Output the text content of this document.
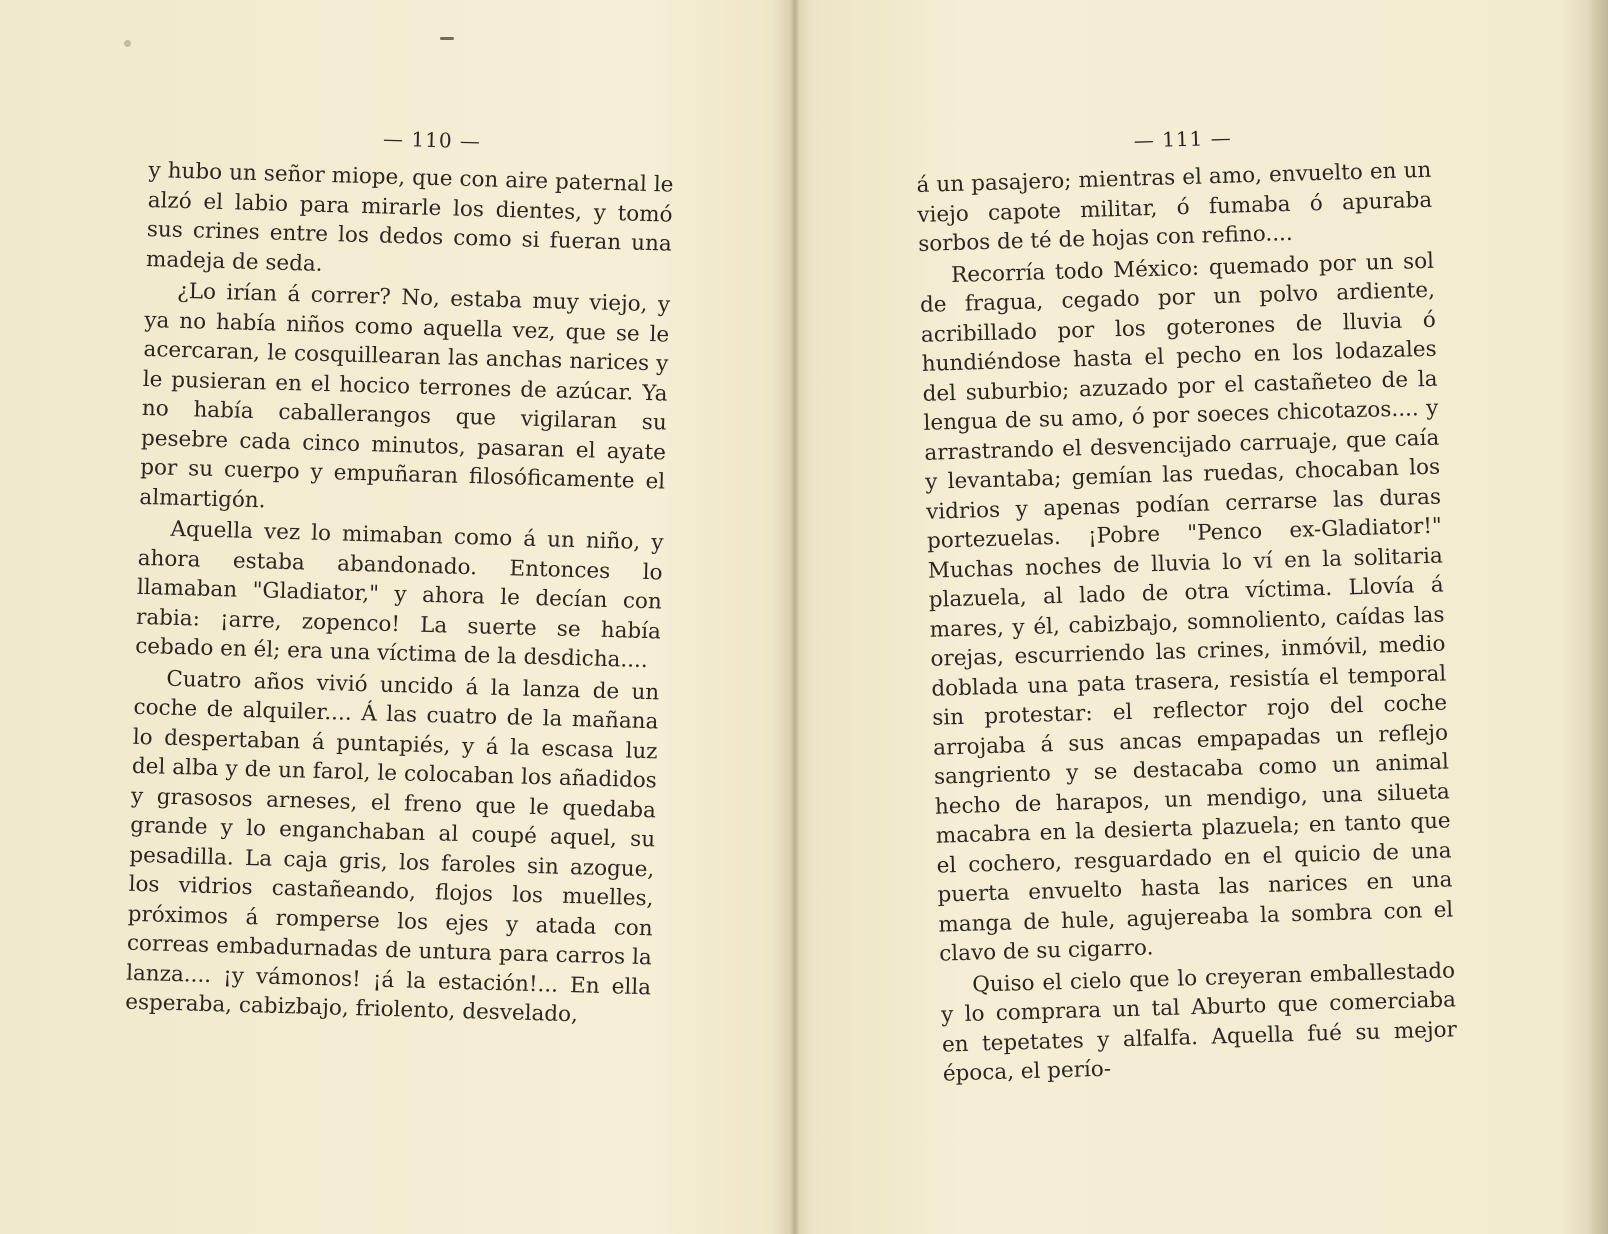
— 110 —

y hubo un señor miope, que con aire paternal le alzó el labio para mirarle los dientes, y tomó sus crines entre los dedos como si fueran una madeja de seda.

¿Lo irían á correr? No, estaba muy viejo, y ya no había niños como aquella vez, que se le acercaran, le cosquillearan las anchas narices y le pusieran en el hocico terrones de azúcar. Ya no había caballerangos que vigilaran su pesebre cada cinco minutos, pasaran el ayate por su cuerpo y empuñaran filosóficamente el almartigón.

Aquella vez lo mimaban como á un niño, y ahora estaba abandonado. Entonces lo llamaban "Gladiator," y ahora le decían con rabia: ¡arre, zopenco! La suerte se había cebado en él; era una víctima de la desdicha....

Cuatro años vivió uncido á la lanza de un coche de alquiler.... Á las cuatro de la mañana lo despertaban á puntapiés, y á la escasa luz del alba y de un farol, le colocaban los añadidos y grasosos arneses, el freno que le quedaba grande y lo enganchaban al coupé aquel, su pesadilla. La caja gris, los faroles sin azogue, los vidrios castañeando, flojos los muelles, próximos á romperse los ejes y atada con correas embadurnadas de untura para carros la lanza.... ¡y vámonos! ¡á la estación!... En ella esperaba, cabizbajo, friolento, desvelado,

— 111 —

á un pasajero; mientras el amo, envuelto en un viejo capote militar, ó fumaba ó apuraba sorbos de té de hojas con refino....

Recorría todo México: quemado por un sol de fragua, cegado por un polvo ardiente, acribillado por los goterones de lluvia ó hundiéndose hasta el pecho en los lodazales del suburbio; azuzado por el castañeteo de la lengua de su amo, ó por soeces chicotazos.... y arrastrando el desvencijado carruaje, que caía y levantaba; gemían las ruedas, chocaban los vidrios y apenas podían cerrarse las duras portezuelas. ¡Pobre "Penco ex-Gladiator!" Muchas noches de lluvia lo ví en la solitaria plazuela, al lado de otra víctima. Llovía á mares, y él, cabizbajo, somnoliento, caídas las orejas, escurriendo las crines, inmóvil, medio doblada una pata trasera, resistía el temporal sin protestar: el reflector rojo del coche arrojaba á sus ancas empapadas un reflejo sangriento y se destacaba como un animal hecho de harapos, un mendigo, una silueta macabra en la desierta plazuela; en tanto que el cochero, resguardado en el quicio de una puerta envuelto hasta las narices en una manga de hule, agujereaba la sombra con el clavo de su cigarro.

Quiso el cielo que lo creyeran emballestado y lo comprara un tal Aburto que comerciaba en tepetates y alfalfa. Aquella fué su mejor época, el perío-
